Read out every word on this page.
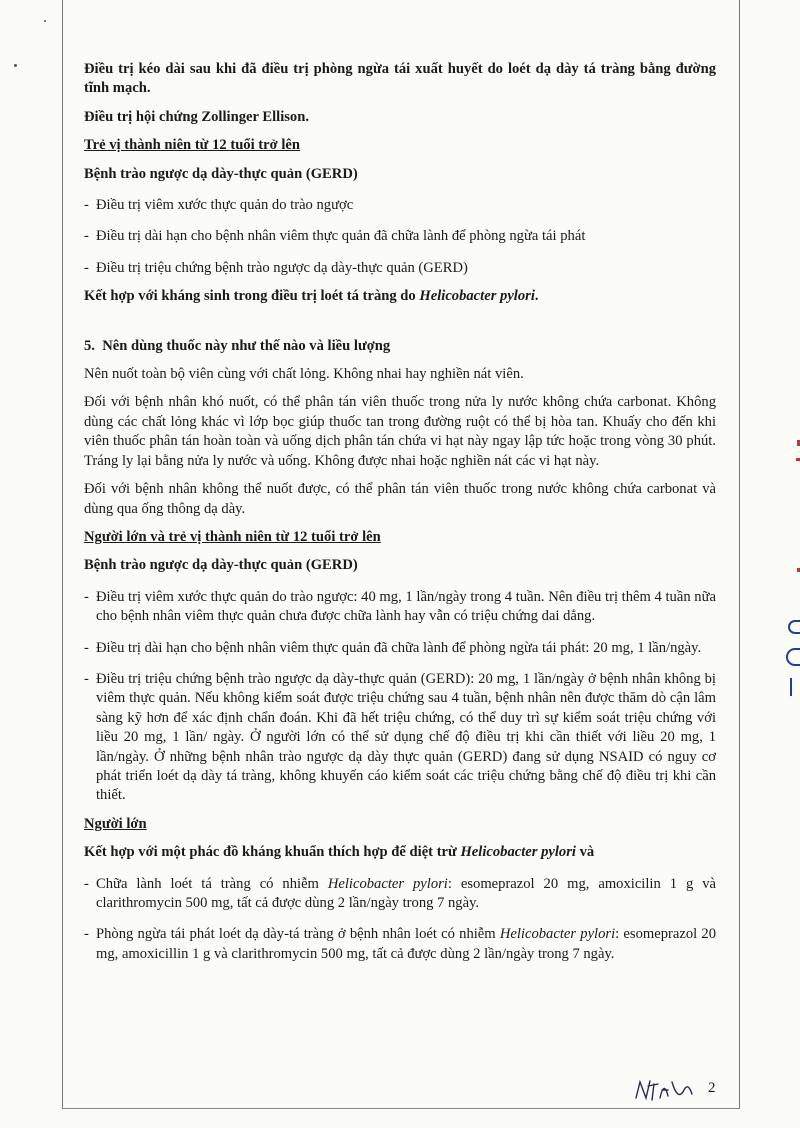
Điều trị kéo dài sau khi đã điều trị phòng ngừa tái xuất huyết do loét dạ dày tá tràng bằng đường tĩnh mạch.

Điều trị hội chứng Zollinger Ellison.

Trẻ vị thành niên từ 12 tuổi trở lên

Bệnh trào ngược dạ dày-thực quản (GERD)

- Điều trị viêm xước thực quản do trào ngược

- Điều trị dài hạn cho bệnh nhân viêm thực quản đã chữa lành để phòng ngừa tái phát

- Điều trị triệu chứng bệnh trào ngược dạ dày-thực quản (GERD)

Kết hợp với kháng sinh trong điều trị loét tá tràng do Helicobacter pylori.

5. Nên dùng thuốc này như thế nào và liều lượng

Nên nuốt toàn bộ viên cùng với chất lỏng. Không nhai hay nghiền nát viên.

Đối với bệnh nhân khó nuốt, có thể phân tán viên thuốc trong nửa ly nước không chứa carbonat. Không dùng các chất lỏng khác vì lớp bọc giúp thuốc tan trong đường ruột có thể bị hòa tan. Khuấy cho đến khi viên thuốc phân tán hoàn toàn và uống dịch phân tán chứa vi hạt này ngay lập tức hoặc trong vòng 30 phút. Tráng ly lại bằng nửa ly nước và uống. Không được nhai hoặc nghiền nát các vi hạt này.

Đối với bệnh nhân không thể nuốt được, có thể phân tán viên thuốc trong nước không chứa carbonat và dùng qua ống thông dạ dày.

Người lớn và trẻ vị thành niên từ 12 tuổi trở lên

Bệnh trào ngược dạ dày-thực quản (GERD)

- Điều trị viêm xước thực quản do trào ngược: 40 mg, 1 lần/ngày trong 4 tuần. Nên điều trị thêm 4 tuần nữa cho bệnh nhân viêm thực quản chưa được chữa lành hay vẫn có triệu chứng dai dẳng.

- Điều trị dài hạn cho bệnh nhân viêm thực quản đã chữa lành để phòng ngừa tái phát: 20 mg, 1 lần/ngày.

- Điều trị triệu chứng bệnh trào ngược dạ dày-thực quản (GERD): 20 mg, 1 lần/ngày ở bệnh nhân không bị viêm thực quản. Nếu không kiểm soát được triệu chứng sau 4 tuần, bệnh nhân nên được thăm dò cận lâm sàng kỹ hơn để xác định chẩn đoán. Khi đã hết triệu chứng, có thể duy trì sự kiểm soát triệu chứng với liều 20 mg, 1 lần/ ngày. Ở người lớn có thể sử dụng chế độ điều trị khi cần thiết với liều 20 mg, 1 lần/ngày. Ở những bệnh nhân trào ngược dạ dày thực quản (GERD) đang sử dụng NSAID có nguy cơ phát triển loét dạ dày tá tràng, không khuyến cáo kiểm soát các triệu chứng bằng chế độ điều trị khi cần thiết.

Người lớn

Kết hợp với một phác đồ kháng khuẩn thích hợp để diệt trừ Helicobacter pylori và

- Chữa lành loét tá tràng có nhiễm Helicobacter pylori: esomeprazol 20 mg, amoxicilin 1 g và clarithromycin 500 mg, tất cả được dùng 2 lần/ngày trong 7 ngày.

- Phòng ngừa tái phát loét dạ dày-tá tràng ở bệnh nhân loét có nhiễm Helicobacter pylori: esomeprazol 20 mg, amoxicillin 1 g và clarithromycin 500 mg, tất cả được dùng 2 lần/ngày trong 7 ngày.

2
